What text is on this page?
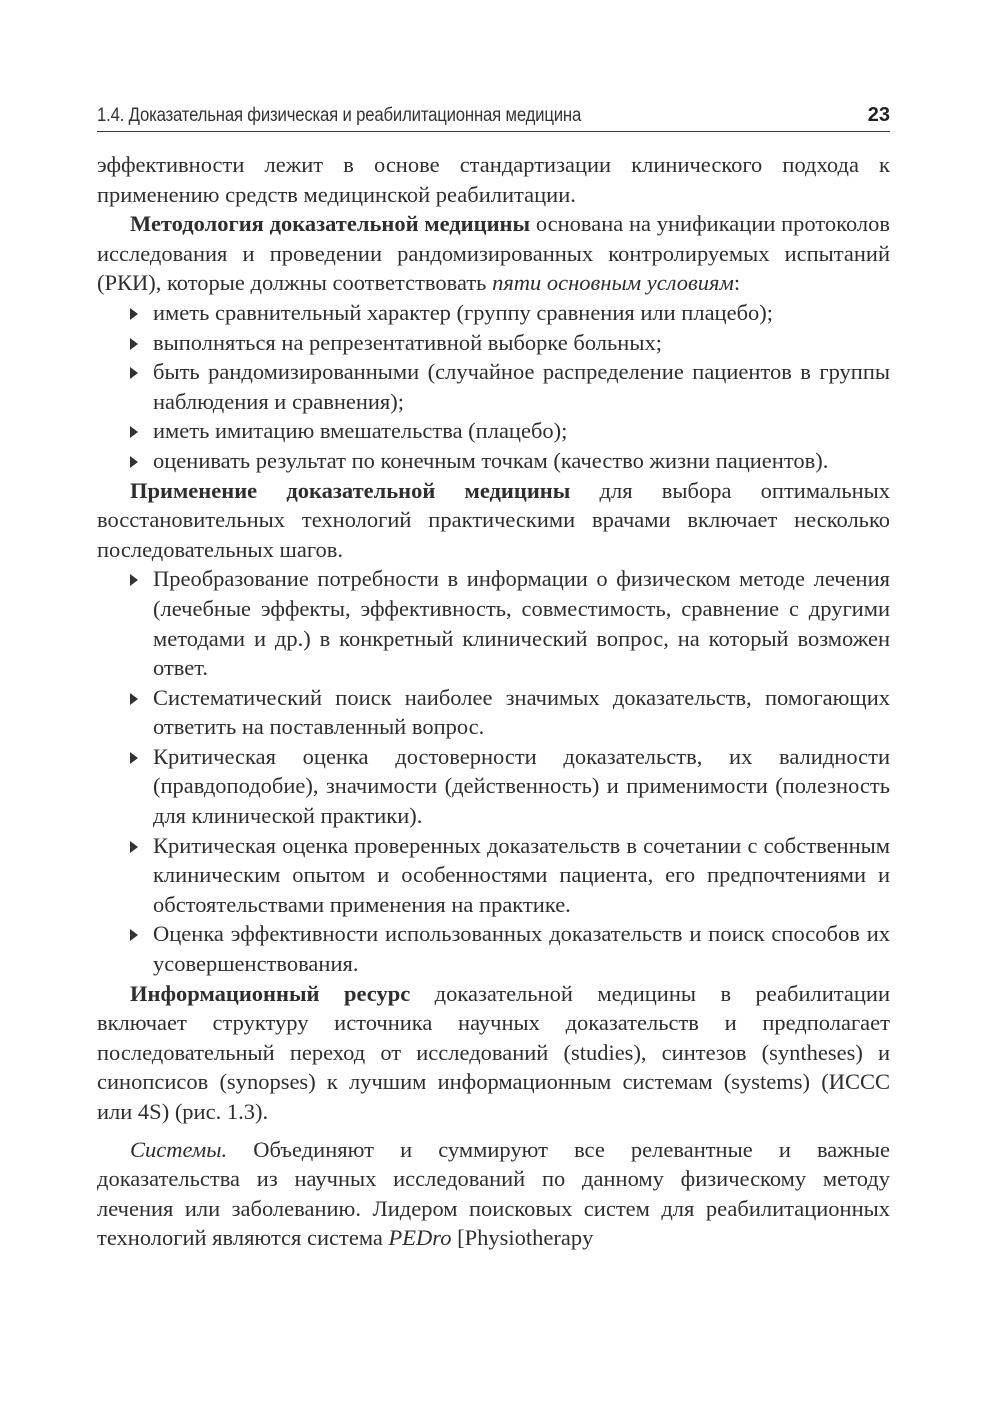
1.4. Доказательная физическая и реабилитационная медицина	23

эффективности лежит в основе стандартизации клинического подхода к применению средств медицинской реабилитации.

Методология доказательной медицины основана на унификации протоколов исследования и проведении рандомизированных контролируемых испытаний (РКИ), которые должны соответствовать пяти основным условиям:

иметь сравнительный характер (группу сравнения или плацебо);
выполняться на репрезентативной выборке больных;
быть рандомизированными (случайное распределение пациентов в группы наблюдения и сравнения);
иметь имитацию вмешательства (плацебо);
оценивать результат по конечным точкам (качество жизни пациентов).

Применение доказательной медицины для выбора оптимальных восстановительных технологий практическими врачами включает несколько последовательных шагов.

Преобразование потребности в информации о физическом методе лечения (лечебные эффекты, эффективность, совместимость, сравнение с другими методами и др.) в конкретный клинический вопрос, на который возможен ответ.
Систематический поиск наиболее значимых доказательств, помогающих ответить на поставленный вопрос.
Критическая оценка достоверности доказательств, их валидности (правдоподобие), значимости (действенность) и применимости (полезность для клинической практики).
Критическая оценка проверенных доказательств в сочетании с собственным клиническим опытом и особенностями пациента, его предпочтениями и обстоятельствами применения на практике.
Оценка эффективности использованных доказательств и поиск способов их усовершенствования.

Информационный ресурс доказательной медицины в реабилитации включает структуру источника научных доказательств и предполагает последовательный переход от исследований (studies), синтезов (syntheses) и синопсисов (synopses) к лучшим информационным системам (systems) (ИССС или 4S) (рис. 1.3).

Системы. Объединяют и суммируют все релевантные и важные доказательства из научных исследований по данному физическому методу лечения или заболеванию. Лидером поисковых систем для реабилитационных технологий являются система PEDro [Physiotherapy
